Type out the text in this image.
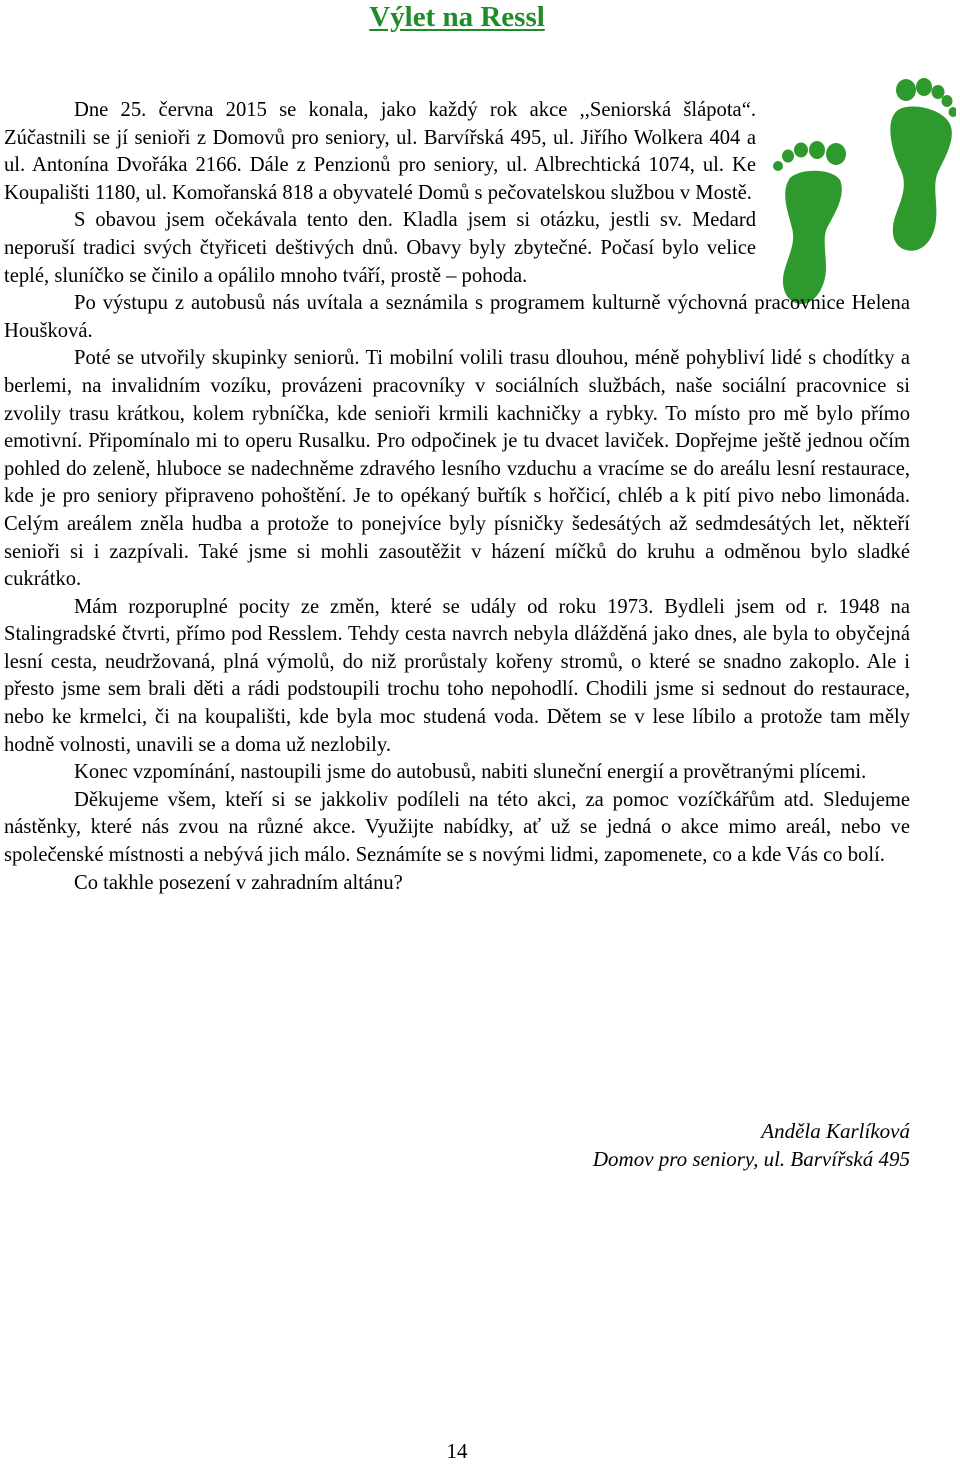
Výlet na Ressl

Dne 25. června 2015 se konala, jako každý rok akce ,,Seniorská šlápota“. Zúčastnili se jí senioři z Domovů pro seniory, ul. Barvířská 495, ul. Jiřího Wolkera 404 a ul. Antonína Dvořáka 2166. Dále z Penzionů pro seniory, ul. Albrechtická 1074, ul. Ke Koupališti 1180, ul. Komořanská 818 a obyvatelé Domů s pečovatelskou službou v Mostě.

S obavou jsem očekávala tento den. Kladla jsem si otázku, jestli sv. Medard neporuší tradici svých čtyřiceti deštivých dnů. Obavy byly zbytečné. Počasí bylo velice teplé, sluníčko se činilo a opálilo mnoho tváří, prostě – pohoda.

Po výstupu z autobusů nás uvítala a seznámila s programem kulturně výchovná pracovnice Helena Houšková.

Poté se utvořily skupinky seniorů. Ti mobilní volili trasu dlouhou, méně pohybliví lidé s chodítky a berlemi, na invalidním vozíku, provázeni pracovníky v sociálních službách, naše sociální pracovnice si zvolily trasu krátkou, kolem rybníčka, kde senioři krmili kachničky a rybky. To místo pro mě bylo přímo emotivní. Připomínalo mi to operu Rusalku. Pro odpočinek je tu dvacet laviček. Dopřejme ještě jednou očím pohled do zeleně, hluboce se nadechněme zdravého lesního vzduchu a vracíme se do areálu lesní restaurace, kde je pro seniory připraveno pohoštění. Je to opékaný buřtík s hořčicí, chléb a k pití pivo nebo limonáda. Celým areálem zněla hudba a protože to ponejvíce byly písničky šedesátých až sedmdesátých let, někteří senioři si i zazpívali. Také jsme si mohli zasoutěžit v házení míčků do kruhu a odměnou bylo sladké cukrátko.

Mám rozporuplné pocity ze změn, které se udály od roku 1973. Bydleli jsem od r. 1948 na Stalingradské čtvrti, přímo pod Resslem. Tehdy cesta navrch nebyla dlážděná jako dnes, ale byla to obyčejná lesní cesta, neudržovaná, plná výmolů, do niž prorůstaly kořeny stromů, o které se snadno zakoplo. Ale i přesto jsme sem brali děti a rádi podstoupili trochu toho nepohodlí. Chodili jsme si sednout do restaurace, nebo ke krmelci, či na koupališti, kde byla moc studená voda. Dětem se v lese líbilo a protože tam měly hodně volnosti, unavili se a doma už nezlobily.

Konec vzpomínání, nastoupili jsme do autobusů, nabiti sluneční energií a provětranými plícemi.

Děkujeme všem, kteří si se jakkoliv podíleli na této akci, za pomoc vozíčkářům atd. Sledujeme nástěnky, které nás zvou na různé akce. Využijte nabídky, ať už se jedná o akce mimo areál, nebo ve společenské místnosti a nebývá jich málo. Seznámíte se s novými lidmi, zapomenete, co a kde Vás co bolí.

Co takhle posezení v zahradním altánu?

Anděla Karlíková
Domov pro seniory, ul. Barvířská 495
14
